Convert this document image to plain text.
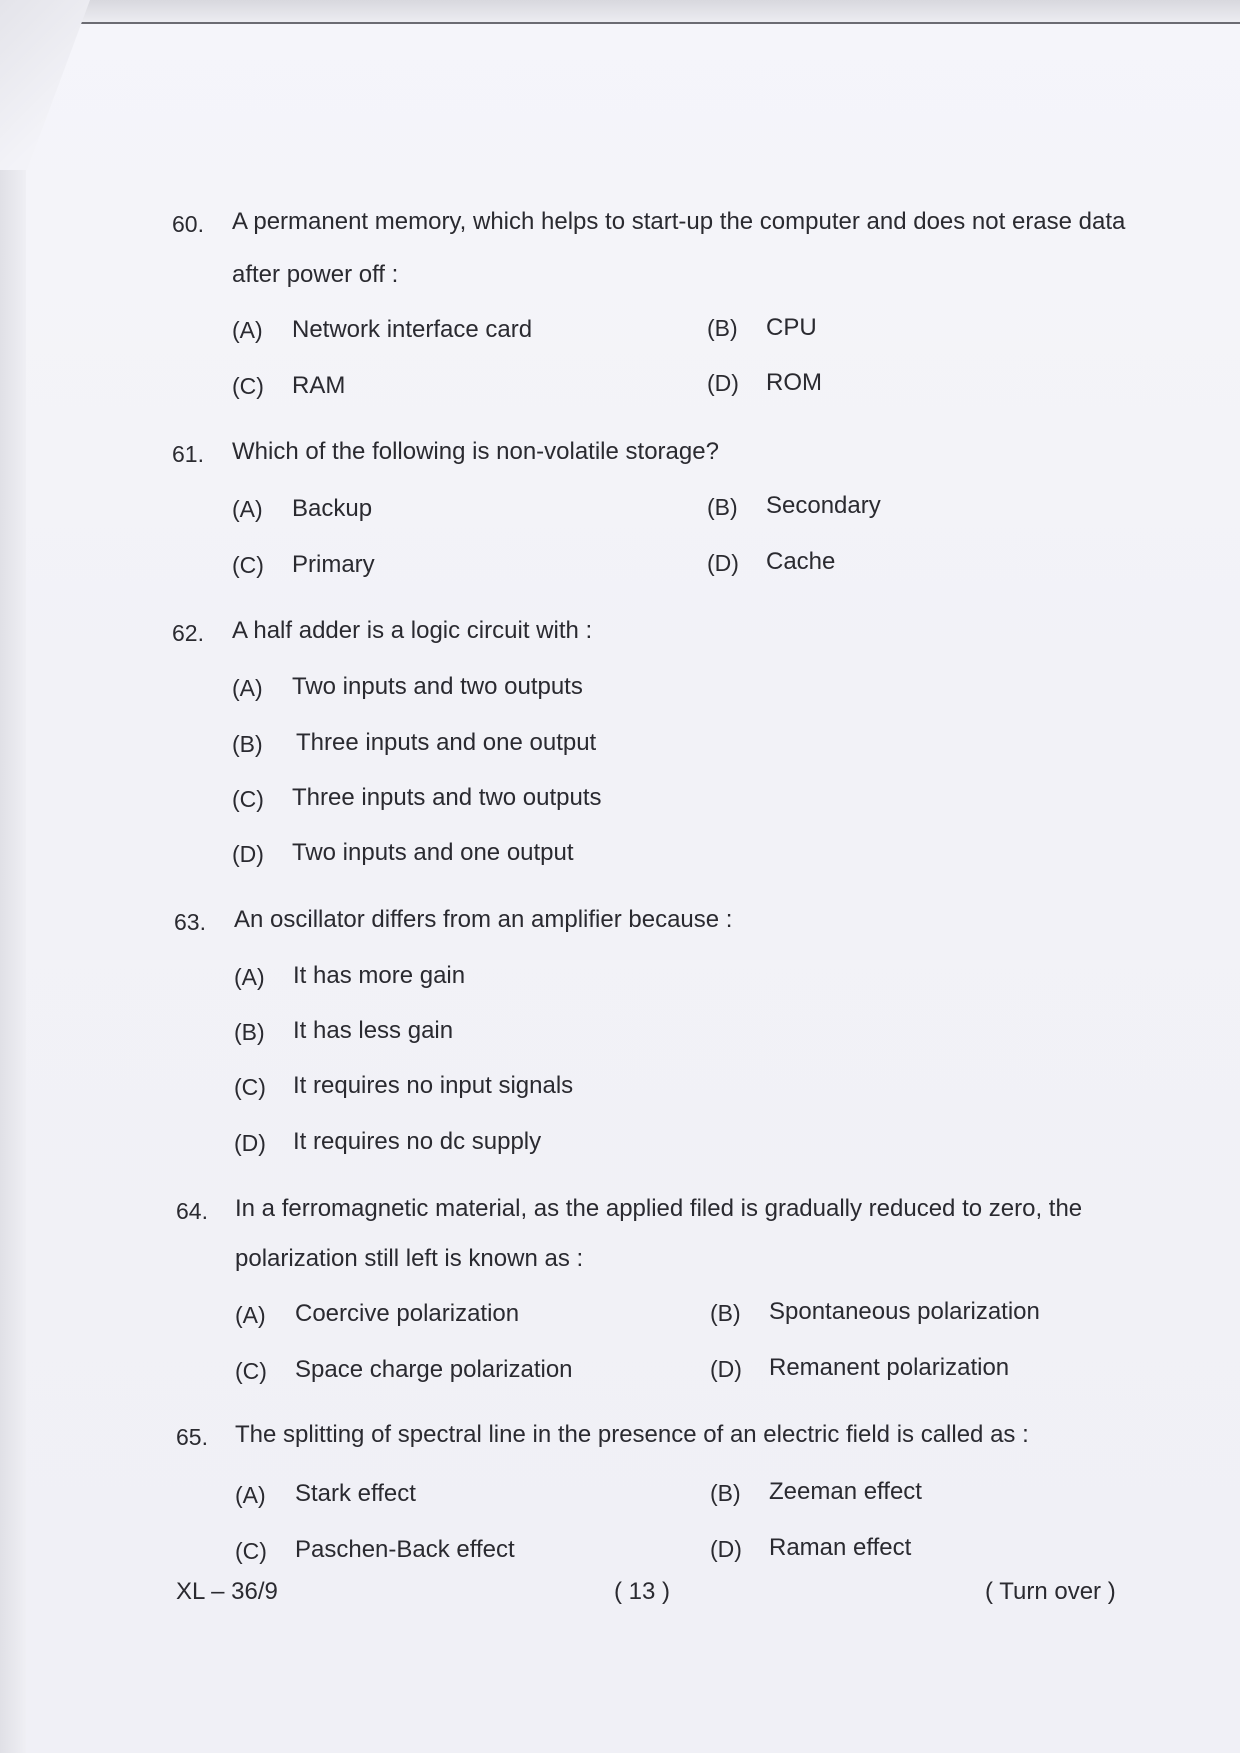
60. A permanent memory, which helps to start-up the computer and does not erase data
after power off :
(A) Network interface card	(B) CPU
(C) RAM	(D) ROM
61. Which of the following is non-volatile storage?
(A) Backup	(B) Secondary
(C) Primary	(D) Cache
62. A half adder is a logic circuit with :
(A) Two inputs and two outputs
(B) Three inputs and one output
(C) Three inputs and two outputs
(D) Two inputs and one output
63. An oscillator differs from an amplifier because :
(A) It has more gain
(B) It has less gain
(C) It requires no input signals
(D) It requires no dc supply
64. In a ferromagnetic material, as the applied filed is gradually reduced to zero, the
polarization still left is known as :
(A) Coercive polarization	(B) Spontaneous polarization
(C) Space charge polarization	(D) Remanent polarization
65. The splitting of spectral line in the presence of an electric field is called as :
(A) Stark effect	(B) Zeeman effect
(C) Paschen-Back effect	(D) Raman effect
XL – 36/9	( 13 )	( Turn over )
